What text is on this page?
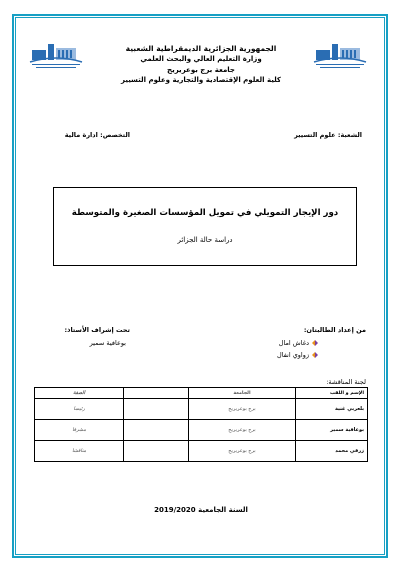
الجمهورية الجزائرية الديمقراطية الشعبية
وزارة التعليم العالي والبحث العلمي
جامعة برج بوعريريج
كلية العلوم الإقتصادية والتجارية وعلوم التسيير
الشعبة: علوم التسيير
التخصص: ادارة مالية
دور الإيجار التمويلي في تمويل المؤسسات الصغيرة والمتوسطة
دراسة حالة الجزائر
من إعداد الطالبتان:
دغاش امال
زواوي انفال
تحت إشراف الأستاذ:
بوعافية سمير
لجنة المناقشة:
الإسم و اللقب	الجامعة		الصفة
بلعربي غنية	برج بوعريريج		رئيسا
بوعافية سمير	برج بوعريريج		مشرفا
زرقي محمد	برج بوعريريج		مناقشا
السنة الجامعية 2019/2020
